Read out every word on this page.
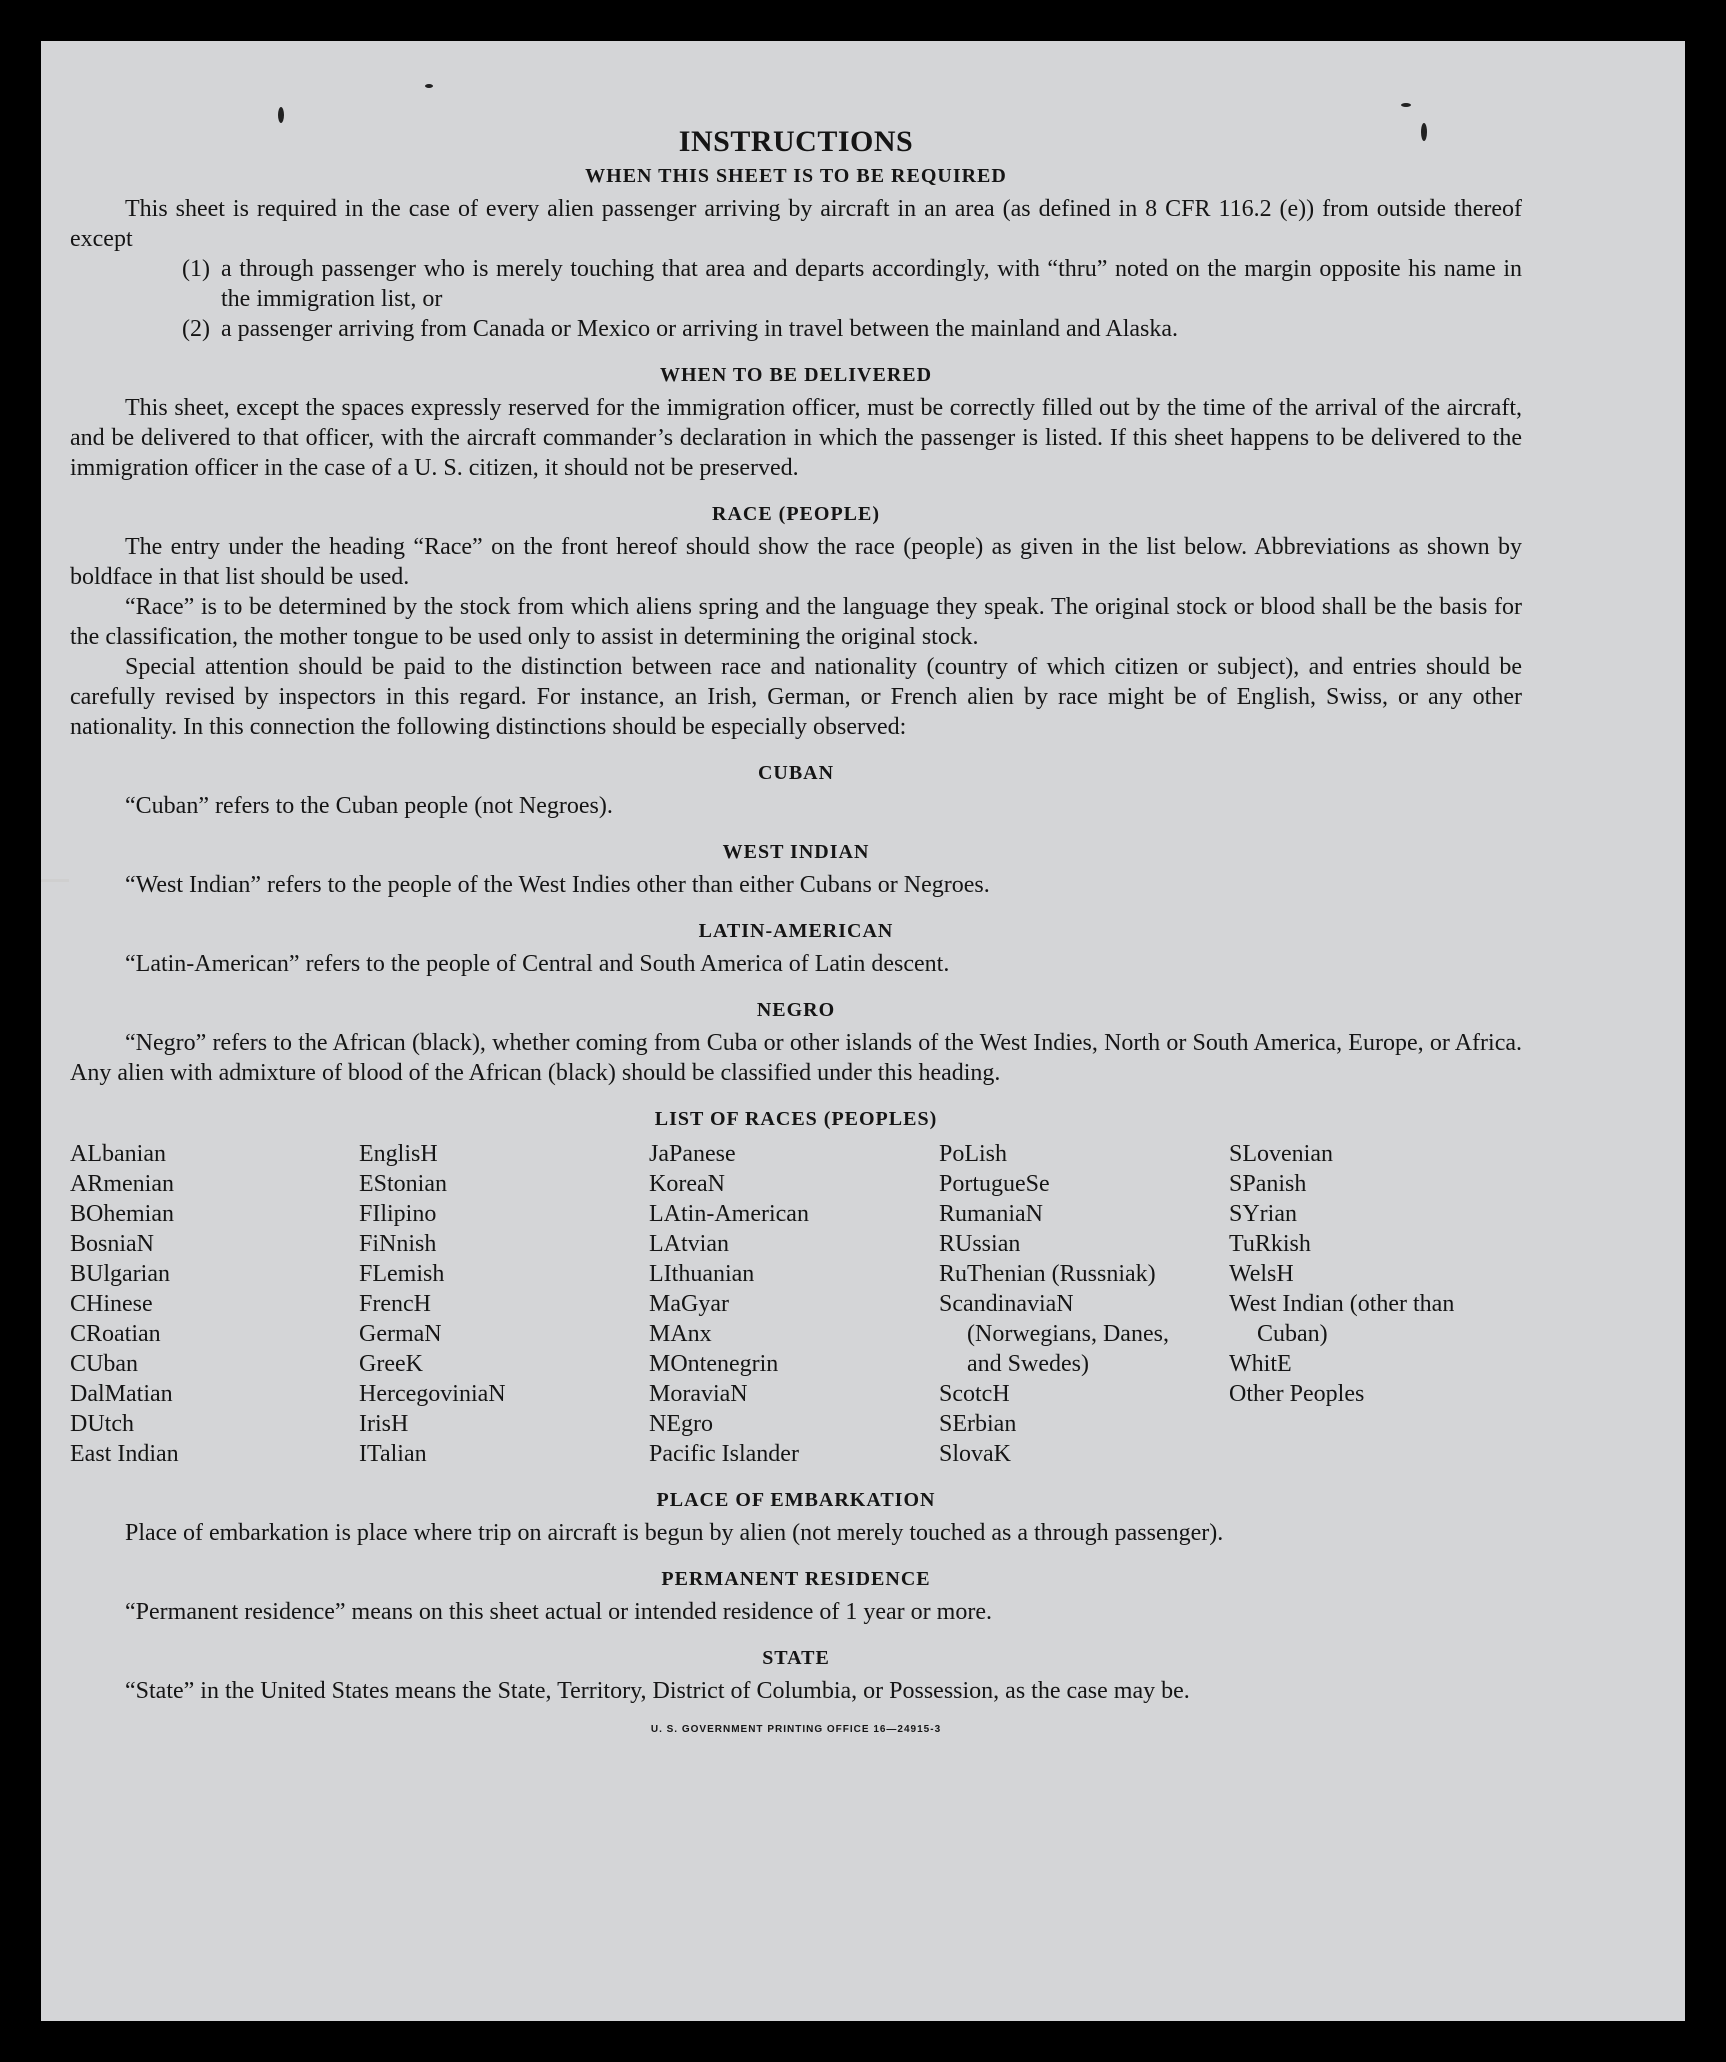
INSTRUCTIONS
WHEN THIS SHEET IS TO BE REQUIRED

This sheet is required in the case of every alien passenger arriving by aircraft in an area (as defined in 8 CFR 116.2 (e)) from outside thereof except

(1) a through passenger who is merely touching that area and departs accordingly, with “thru” noted on the margin opposite his name in the immigration list, or
(2) a passenger arriving from Canada or Mexico or arriving in travel between the mainland and Alaska.
WHEN TO BE DELIVERED

This sheet, except the spaces expressly reserved for the immigration officer, must be correctly filled out by the time of the arrival of the aircraft, and be delivered to that officer, with the aircraft commander’s declaration in which the passenger is listed. If this sheet happens to be delivered to the immigration officer in the case of a U. S. citizen, it should not be preserved.

RACE (PEOPLE)

The entry under the heading “Race” on the front hereof should show the race (people) as given in the list below. Abbreviations as shown by boldface in that list should be used.

“Race” is to be determined by the stock from which aliens spring and the language they speak. The original stock or blood shall be the basis for the classification, the mother tongue to be used only to assist in determining the original stock.

Special attention should be paid to the distinction between race and nationality (country of which citizen or subject), and entries should be carefully revised by inspectors in this regard. For instance, an Irish, German, or French alien by race might be of English, Swiss, or any other nationality. In this connection the following distinctions should be especially observed:

CUBAN

“Cuban” refers to the Cuban people (not Negroes).

WEST INDIAN

“West Indian” refers to the people of the West Indies other than either Cubans or Negroes.

LATIN-AMERICAN

“Latin-American” refers to the people of Central and South America of Latin descent.

NEGRO

“Negro” refers to the African (black), whether coming from Cuba or other islands of the West Indies, North or South America, Europe, or Africa. Any alien with admixture of blood of the African (black) should be classified under this heading.

LIST OF RACES (PEOPLES)
ALbanian
ARmenian
BOhemian
BosniaN
BUlgarian
CHinese
CRoatian
CUban
DalMatian
DUtch
East Indian
EnglisH
EStonian
FIlipino
FiNnish
FLemish
FrencH
GermaN
GreeK
HercegoviniaN
IrisH
ITalian
JaPanese
KoreaN
LAtin-American
LAtvian
LIthuanian
MaGyar
MAnx
MOntenegrin
MoraviaN
NEgro
Pacific Islander
PoLish
PortugueSe
RumaniaN
RUssian
RuThenian (Russniak)
ScandinaviaN (Norwegians, Danes, and Swedes)
ScotcH
SErbian
SlovaK
SLovenian
SPanish
SYrian
TuRkish
WelsH
West Indian (other than Cuban)
WhitE
Other Peoples
PLACE OF EMBARKATION

Place of embarkation is place where trip on aircraft is begun by alien (not merely touched as a through passenger).

PERMANENT RESIDENCE

“Permanent residence” means on this sheet actual or intended residence of 1 year or more.

STATE

“State” in the United States means the State, Territory, District of Columbia, or Possession, as the case may be.

U. S. GOVERNMENT PRINTING OFFICE 16—24915-3
